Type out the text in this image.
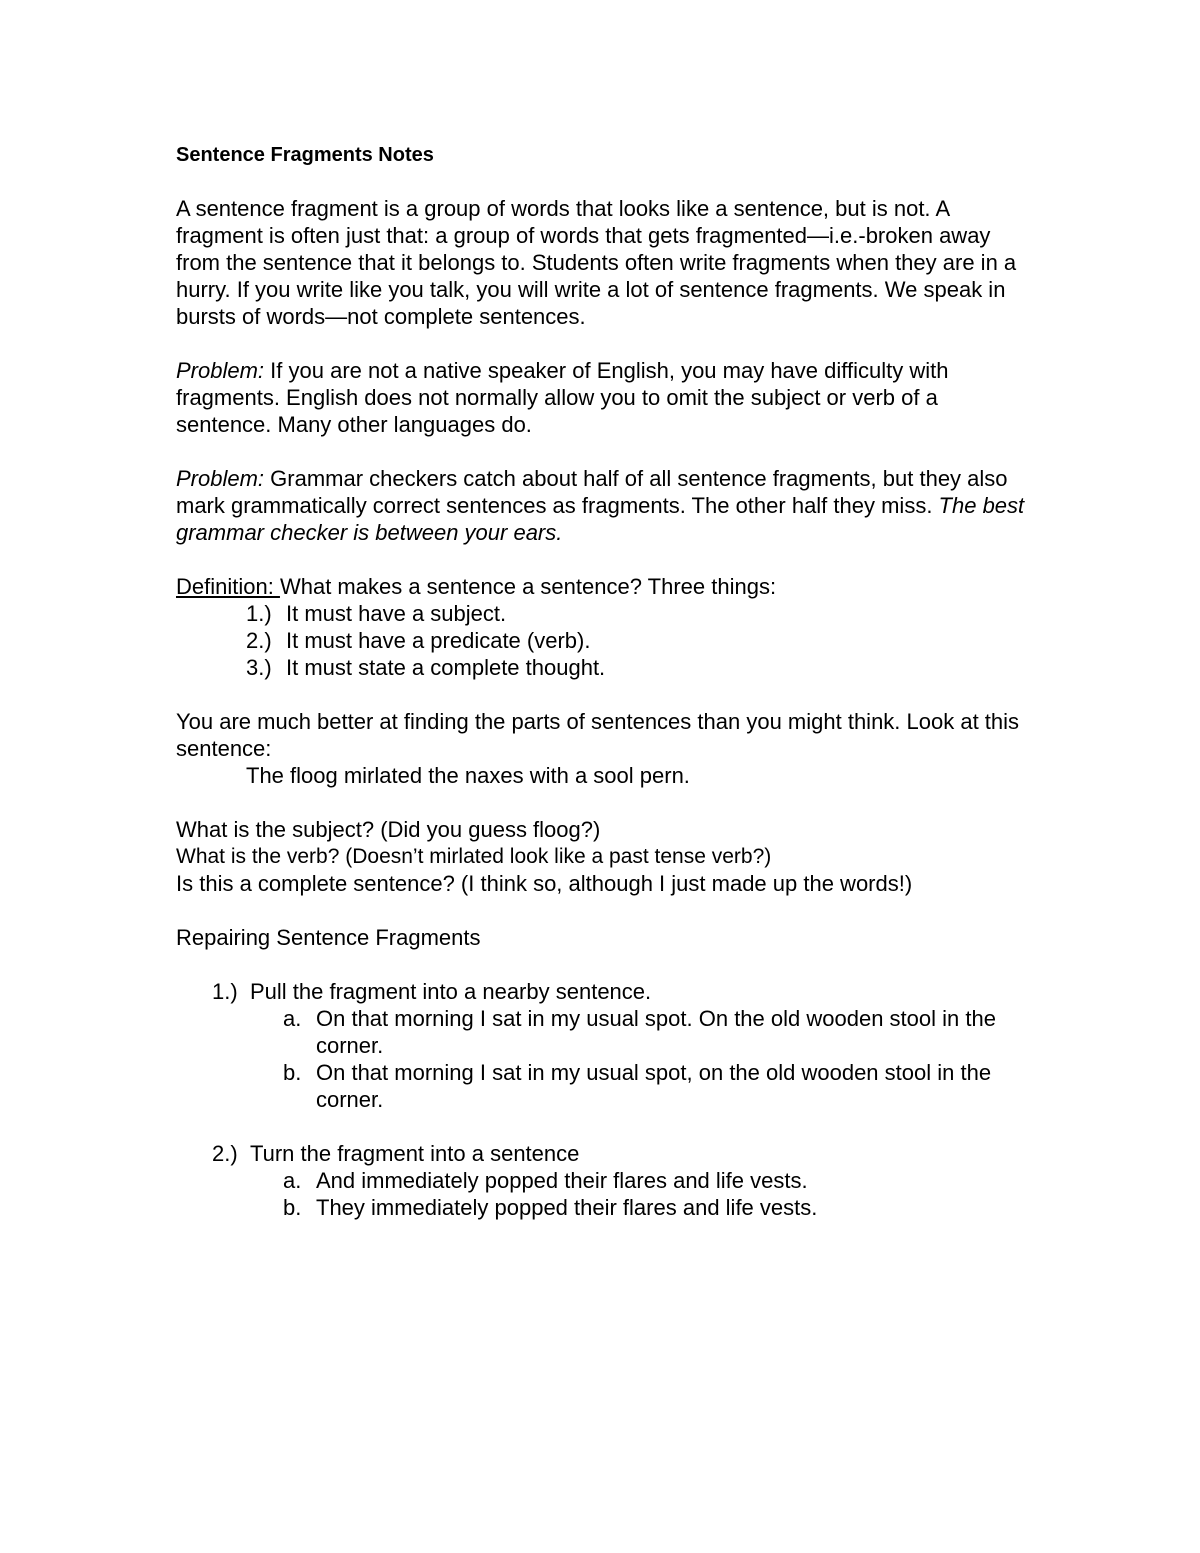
Sentence Fragments Notes

A sentence fragment is a group of words that looks like a sentence, but is not. A fragment is often just that: a group of words that gets fragmented—i.e.-broken away from the sentence that it belongs to. Students often write fragments when they are in a hurry. If you write like you talk, you will write a lot of sentence fragments. We speak in bursts of words—not complete sentences.

Problem: If you are not a native speaker of English, you may have difficulty with fragments. English does not normally allow you to omit the subject or verb of a sentence. Many other languages do.

Problem: Grammar checkers catch about half of all sentence fragments, but they also mark grammatically correct sentences as fragments. The other half they miss. The best grammar checker is between your ears.

Definition: What makes a sentence a sentence? Three things:

1.) It must have a subject.
2.) It must have a predicate (verb).
3.) It must state a complete thought.

You are much better at finding the parts of sentences than you might think. Look at this sentence:

The floog mirlated the naxes with a sool pern.

What is the subject? (Did you guess floog?)

What is the verb? (Doesn’t mirlated look like a past tense verb?)

Is this a complete sentence? (I think so, although I just made up the words!)

Repairing Sentence Fragments

1.) Pull the fragment into a nearby sentence.

a. On that morning I sat in my usual spot. On the old wooden stool in the corner.
b. On that morning I sat in my usual spot, on the old wooden stool in the corner.

2.) Turn the fragment into a sentence

a. And immediately popped their flares and life vests.
b. They immediately popped their flares and life vests.
